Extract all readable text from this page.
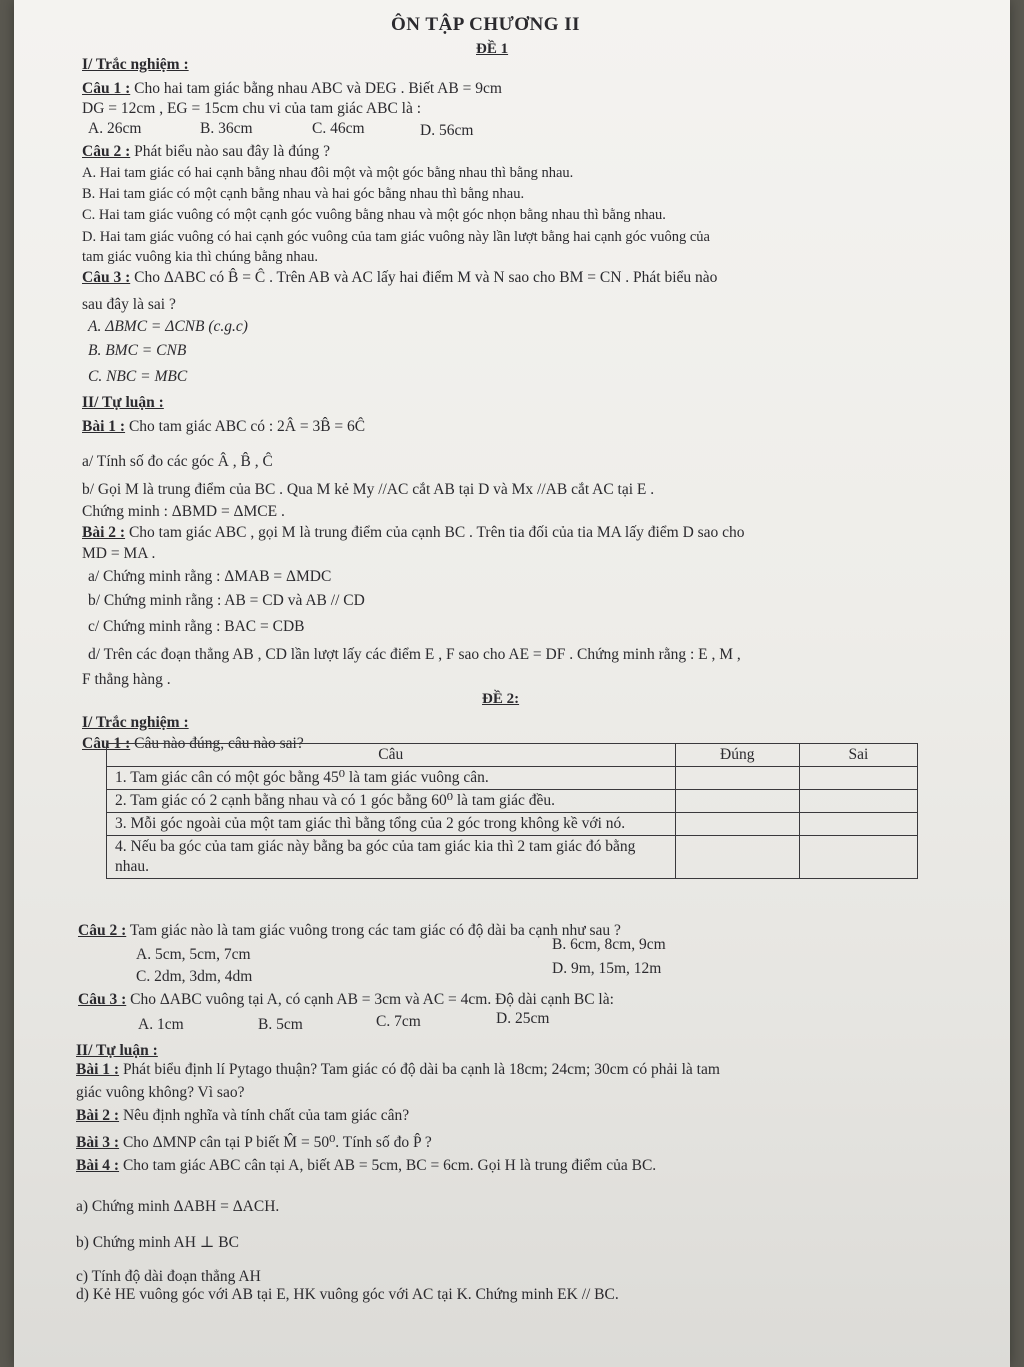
ÔN TẬP CHƯƠNG II
ĐỀ 1
I/ Trắc nghiệm :
Câu 1 : Cho hai tam giác bằng nhau ABC và DEG . Biết AB = 9cm
DG = 12cm , EG = 15cm chu vi của tam giác ABC là :
A. 26cm	B. 36cm	C. 46cm	D. 56cm
Câu 2 : Phát biểu nào sau đây là đúng ?
A. Hai tam giác có hai cạnh bằng nhau đôi một và một góc bằng nhau thì bằng nhau.
B. Hai tam giác có một cạnh bằng nhau và hai góc bằng nhau thì bằng nhau.
C. Hai tam giác vuông có một cạnh góc vuông bằng nhau và một góc nhọn bằng nhau thì bằng nhau.
D. Hai tam giác vuông có hai cạnh góc vuông của tam giác vuông này lần lượt bằng hai cạnh góc vuông của
tam giác vuông kia thì chúng bằng nhau.
Câu 3 : Cho ΔABC có B̂ = Ĉ . Trên AB và AC lấy hai điểm M và N sao cho BM = CN . Phát biểu nào
sau đây là sai ?
A. ΔBMC = ΔCNB (c.g.c)
B. BMC = CNB
C. NBC = MBC
II/ Tự luận :
Bài 1 : Cho tam giác ABC có : 2Â = 3B̂ = 6Ĉ
a/ Tính số đo các góc Â , B̂ , Ĉ
b/ Gọi M là trung điểm của BC . Qua M kẻ My //AC cắt AB tại D và Mx //AB cắt AC tại E .
Chứng minh : ΔBMD = ΔMCE .
Bài 2 : Cho tam giác ABC , gọi M là trung điểm của cạnh BC . Trên tia đối của tia MA lấy điểm D sao cho
MD = MA .
a/ Chứng minh rằng : ΔMAB = ΔMDC
b/ Chứng minh rằng : AB = CD và AB // CD
c/ Chứng minh rằng : BAC = CDB
d/ Trên các đoạn thẳng AB , CD lần lượt lấy các điểm E , F sao cho AE = DF . Chứng minh rằng : E , M ,
F thẳng hàng .
ĐỀ 2:
I/ Trắc nghiệm :
Câu 1 : Câu nào đúng, câu nào sai?
Câu	Đúng	Sai
1. Tam giác cân có một góc bằng 45⁰ là tam giác vuông cân.		
2. Tam giác có 2 cạnh bằng nhau và có 1 góc bằng 60⁰ là tam giác đều.		
3. Mỗi góc ngoài của một tam giác thì bằng tổng của 2 góc trong không kề với nó.		
4. Nếu ba góc của tam giác này bằng ba góc của tam giác kia thì 2 tam giác đó bằng nhau.		
Câu 2 : Tam giác nào là tam giác vuông trong các tam giác có độ dài ba cạnh như sau ?
A. 5cm, 5cm, 7cm
B. 6cm, 8cm, 9cm
C. 2dm, 3dm, 4dm	D. 9m, 15m, 12m
Câu 3 : Cho ΔABC vuông tại A, có cạnh AB = 3cm và AC = 4cm. Độ dài cạnh BC là:
A. 1cm	B. 5cm	C. 7cm	D. 25cm
II/ Tự luận :
Bài 1 : Phát biểu định lí Pytago thuận? Tam giác có độ dài ba cạnh là 18cm; 24cm; 30cm có phải là tam
giác vuông không? Vì sao?
Bài 2 : Nêu định nghĩa và tính chất của tam giác cân?
Bài 3 : Cho ΔMNP cân tại P biết M̂ = 50⁰. Tính số đo P̂ ?
Bài 4 : Cho tam giác ABC cân tại A, biết AB = 5cm, BC = 6cm. Gọi H là trung điểm của BC.
a) Chứng minh ΔABH = ΔACH.
b) Chứng minh AH ⊥ BC
c) Tính độ dài đoạn thẳng AH
d) Kẻ HE vuông góc với AB tại E, HK vuông góc với AC tại K. Chứng minh EK // BC.
